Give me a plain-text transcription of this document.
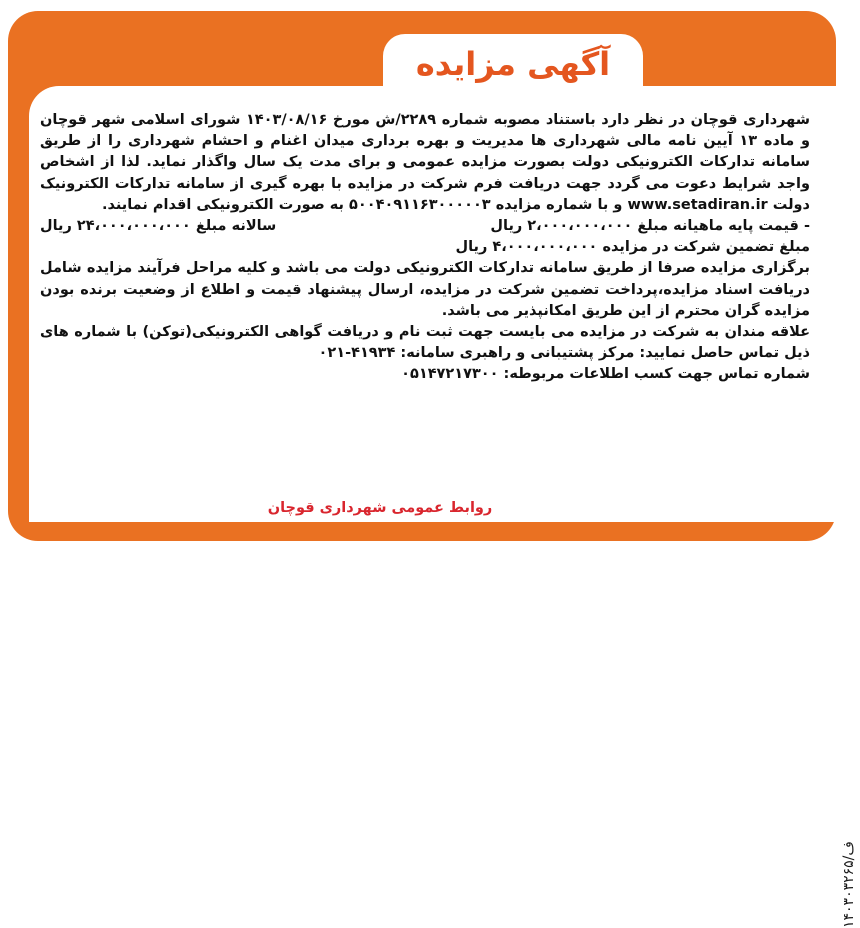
آگهی مزایده
۱۴۰۳۰۳۲۶۵/ف

شهرداری قوچان در نظر دارد باستناد مصوبه شماره ۲۲۸۹/ش مورخ ۱۴۰۳/۰۸/۱۶ شورای اسلامی شهر قوچان و ماده ۱۳ آیین نامه مالی شهرداری ها مدیریت و بهره برداری میدان اغنام و احشام شهرداری را از طریق سامانه تدارکات الکترونیکی دولت بصورت مزایده عمومی و برای مدت یک سال واگذار نماید. لذا از اشخاص واجد شرایط دعوت می گردد جهت دریافت فرم شرکت در مزایده با بهره گیری از سامانه تدارکات الکترونیک دولت www.setadiran.ir و با شماره مزایده ۵۰۰۴۰۹۱۱۶۳۰۰۰۰۰۳ به صورت الکترونیکی اقدام نمایند.

- قیمت پایه ماهیانه مبلغ ۲،۰۰۰،۰۰۰،۰۰۰ ریال
سالانه مبلغ ۲۴،۰۰۰،۰۰۰،۰۰۰ ریال

مبلغ تضمین شرکت در مزایده ۴،۰۰۰،۰۰۰،۰۰۰ ریال

برگزاری مزایده صرفا از طریق سامانه تدارکات الکترونیکی دولت می باشد و کلیه مراحل فرآیند مزایده شامل دریافت اسناد مزایده،پرداخت تضمین شرکت در مزایده، ارسال پیشنهاد قیمت و اطلاع از وضعیت برنده بودن مزایده گران محترم از این طریق امکانپذیر می باشد.

علاقه مندان به شرکت در مزایده می بایست جهت ثبت نام و دریافت گواهی الکترونیکی(توکن) با شماره های ذیل تماس حاصل نمایید: مرکز پشتیبانی و راهبری سامانه: ۴۱۹۳۴-۰۲۱

شماره تماس جهت کسب اطلاعات مربوطه: ۰۵۱۴۷۲۱۷۳۰۰

روابط عمومی شهرداری قوچان
